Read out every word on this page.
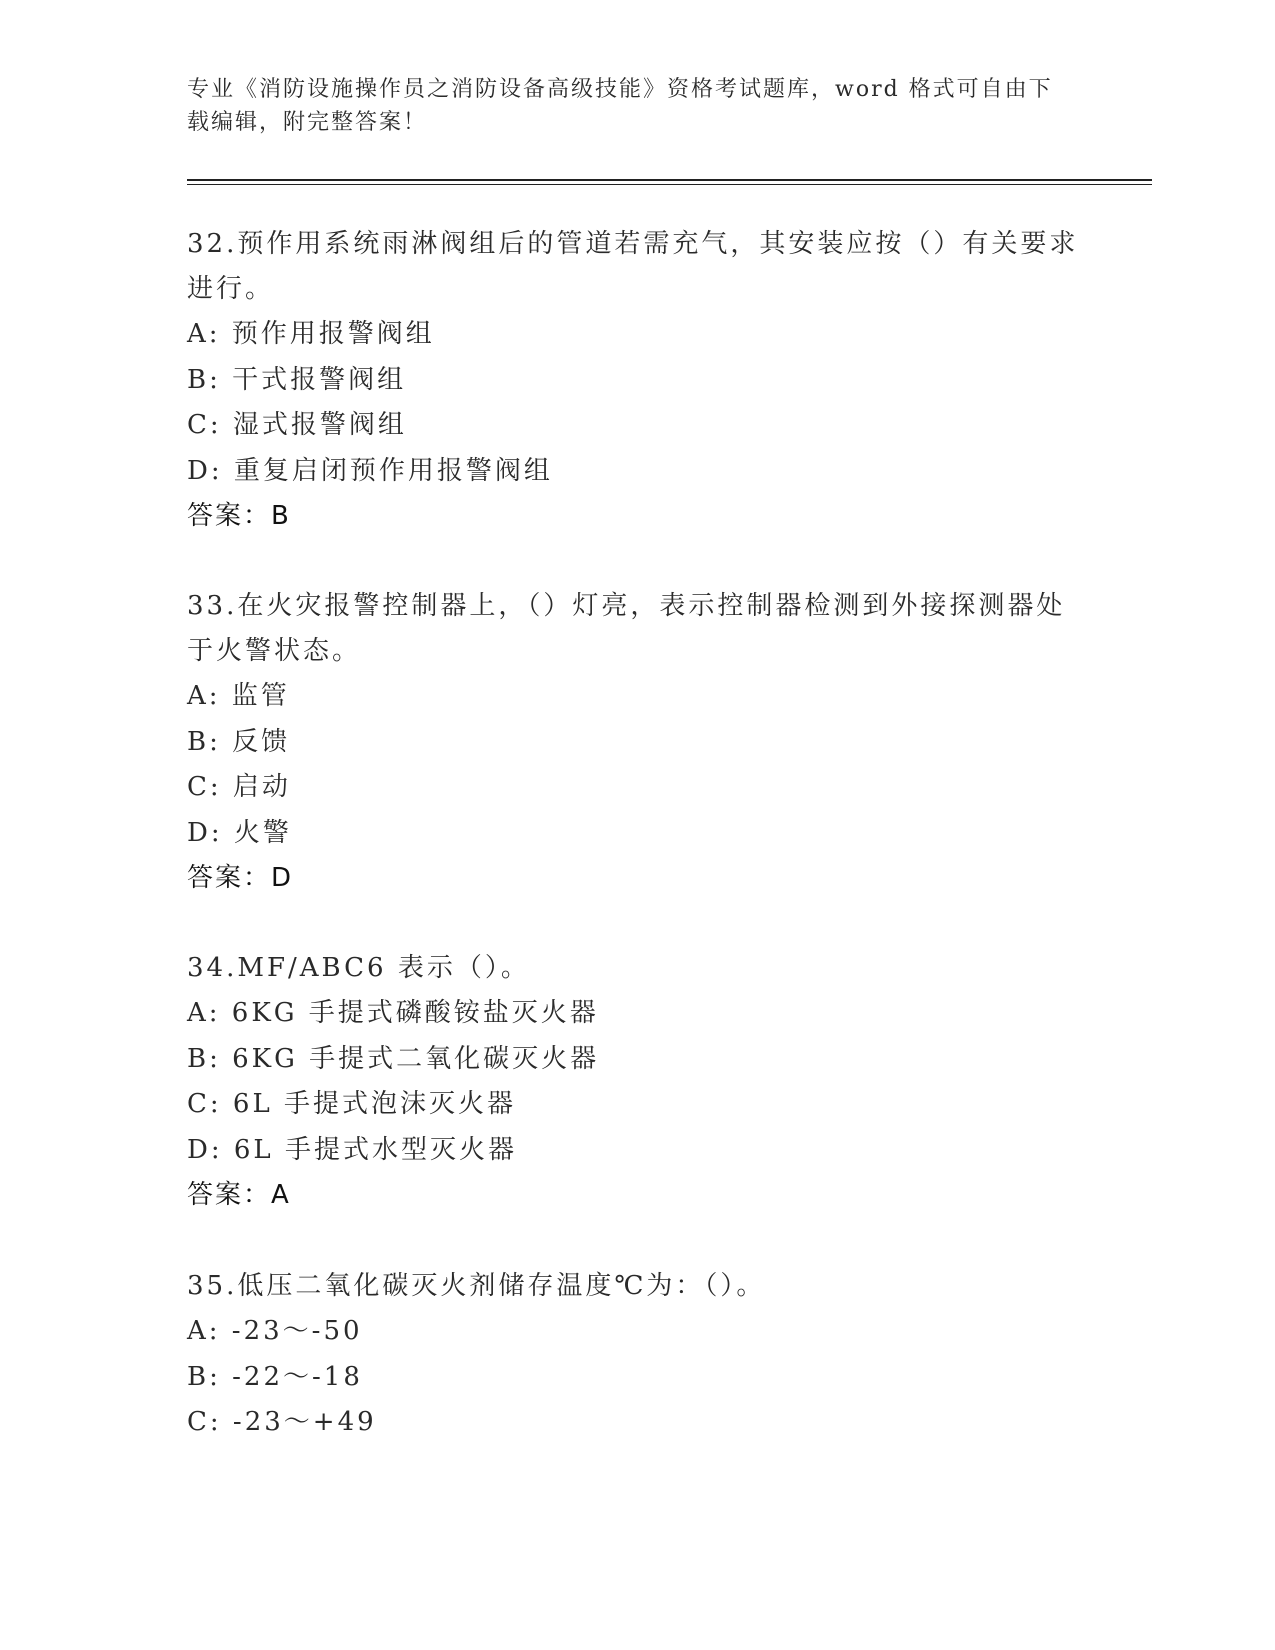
专业《消防设施操作员之消防设备高级技能》资格考试题库，word 格式可自由下
载编辑，附完整答案！
32.预作用系统雨淋阀组后的管道若需充气，其安装应按（）有关要求
进行。
A: 预作用报警阀组
B: 干式报警阀组
C: 湿式报警阀组
D: 重复启闭预作用报警阀组
答案：B
33.在火灾报警控制器上，（）灯亮，表示控制器检测到外接探测器处
于火警状态。
A: 监管
B: 反馈
C: 启动
D: 火警
答案：D
34.MF/ABC6 表示（）。
A: 6KG 手提式磷酸铵盐灭火器
B: 6KG 手提式二氧化碳灭火器
C: 6L 手提式泡沫灭火器
D: 6L 手提式水型灭火器
答案：A
35.低压二氧化碳灭火剂储存温度℃为：（）。
A: -23～-50
B: -22～-18
C: -23～+49
